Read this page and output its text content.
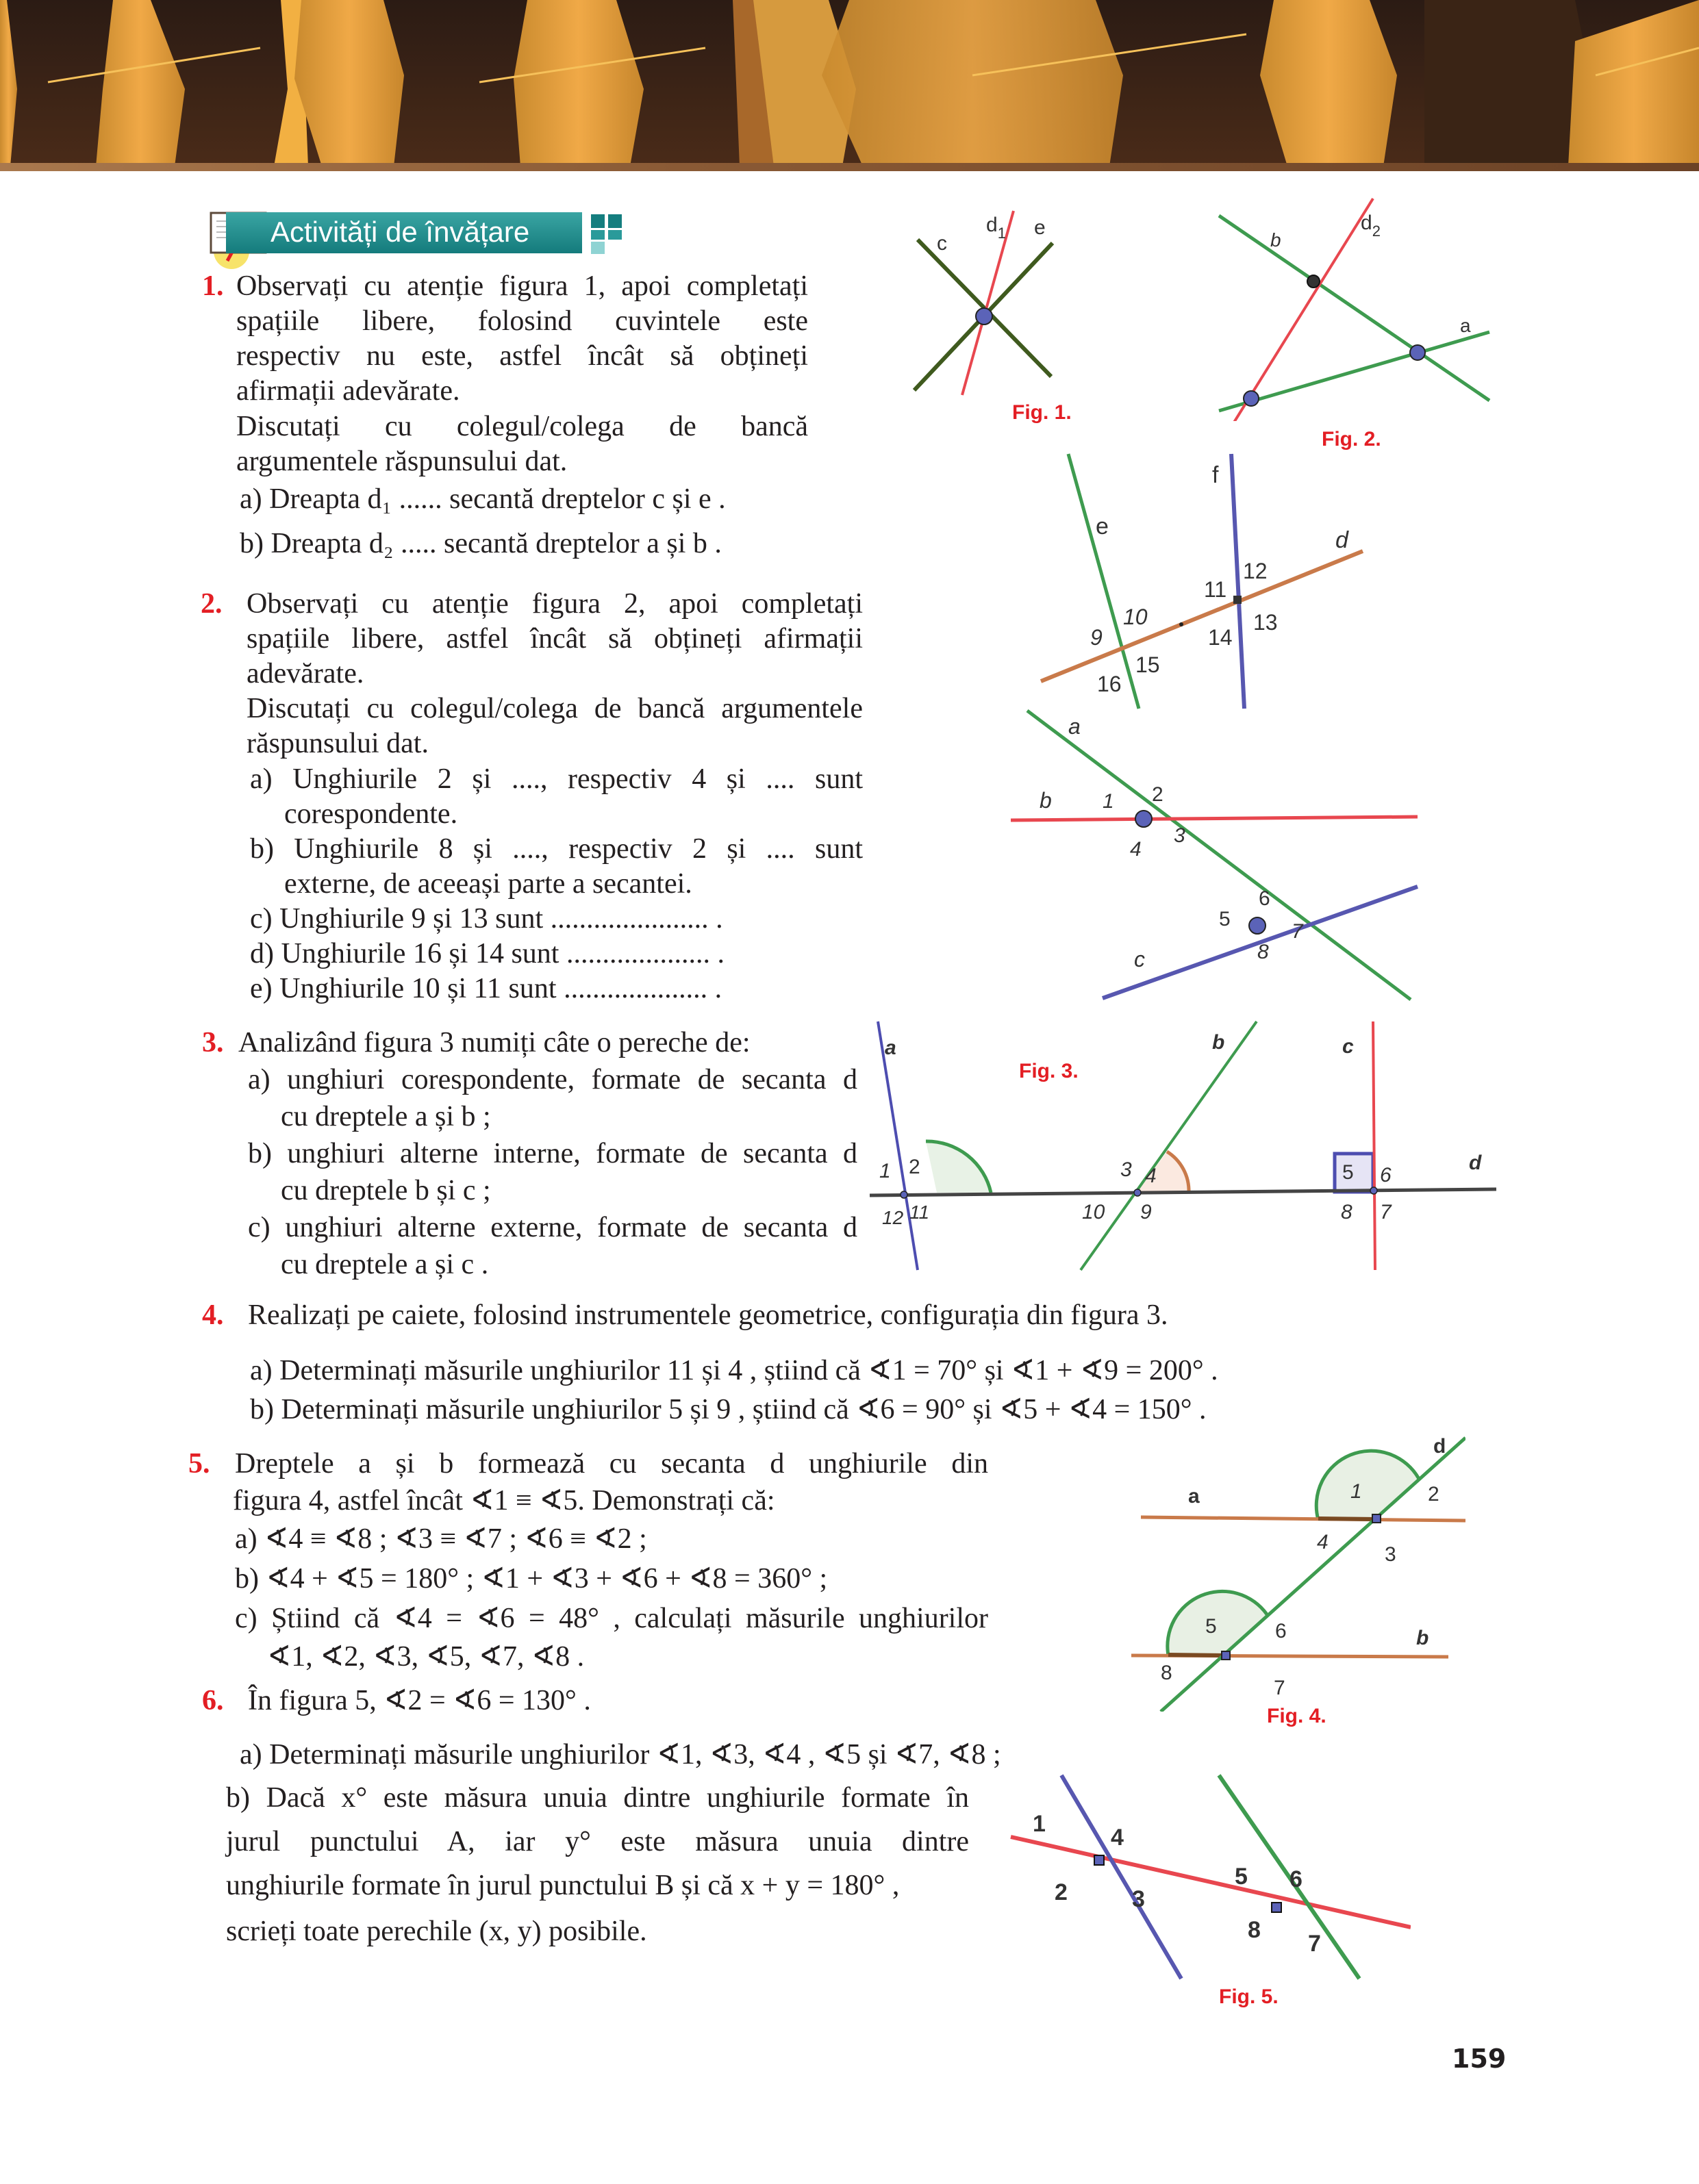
Activități de învățare
1. Observați cu atenție figura 1, apoi completați
spațiile libere, folosind cuvintele este
respectiv nu este, astfel încât să obțineți
afirmații adevărate.
Discutați cu colegul/colega de bancă
argumentele răspunsului dat.
a) Dreapta d₁ ...... secantă dreptelor c și e .
b) Dreapta d₂ ..... secantă dreptelor a și b .
2. Observați cu atenție figura 2, apoi completați
spațiile libere, astfel încât să obțineți afirmații
adevărate.
Discutați cu colegul/colega de bancă argumentele
răspunsului dat.
a) Unghiurile 2 și ...., respectiv 4 și .... sunt
corespondente.
b) Unghiurile 8 și ...., respectiv 2 și .... sunt
externe, de aceeași parte a secantei.
c) Unghiurile 9 și 13 sunt ...................... .
d) Unghiurile 16 și 14 sunt .................... .
e) Unghiurile 10 și 11 sunt .................... .
3. Analizând figura 3 numiți câte o pereche de:
a) unghiuri corespondente, formate de secanta d
cu dreptele a și b ;
b) unghiuri alterne interne, formate de secanta d
cu dreptele b și c ;
c) unghiuri alterne externe, formate de secanta d
cu dreptele a și c .
4. Realizați pe caiete, folosind instrumentele geometrice, configurația din figura 3.
a) Determinați măsurile unghiurilor 11 și 4 , știind că ∢1 = 70° și ∢1 + ∢9 = 200° .
b) Determinați măsurile unghiurilor 5 și 9 , știind că ∢6 = 90° și ∢5 + ∢4 = 150° .
5. Dreptele a și b formează cu secanta d unghiurile din
figura 4, astfel încât ∢1 ≡ ∢5. Demonstrați că:
a) ∢4 ≡ ∢8 ; ∢3 ≡ ∢7 ; ∢6 ≡ ∢2 ;
b) ∢4 + ∢5 = 180° ; ∢1 + ∢3 + ∢6 + ∢8 = 360° ;
c) Știind că ∢4 = ∢6 = 48° , calculați măsurile unghiurilor
∢1, ∢2, ∢3, ∢5, ∢7, ∢8 .
6. În figura 5, ∢2 = ∢6 = 130° .
a) Determinați măsurile unghiurilor ∢1, ∢3, ∢4 , ∢5 și ∢7, ∢8 ;
b) Dacă x° este măsura unuia dintre unghiurile formate în
jurul punctului A, iar y° este măsura unuia dintre
unghiurile formate în jurul punctului B și că x + y = 180° ,
scrieți toate perechile (x, y) posibile.
c
$d_1$ e
Fig. 1.
b
$d_2$
a
Fig. 2.
f
e
d
9
10
15
16
11
12
13
14
a
b
c
1 2
3
4
5
6
7
8
a	b	c
d
1 2
11
12
3 4
9
10
5 6
7
8
Fig. 3.
a
d
b
1	2
3
4
5	6
7
8
Fig. 4.
1
2	3
4
5 6
7
8
Fig. 5.
159
